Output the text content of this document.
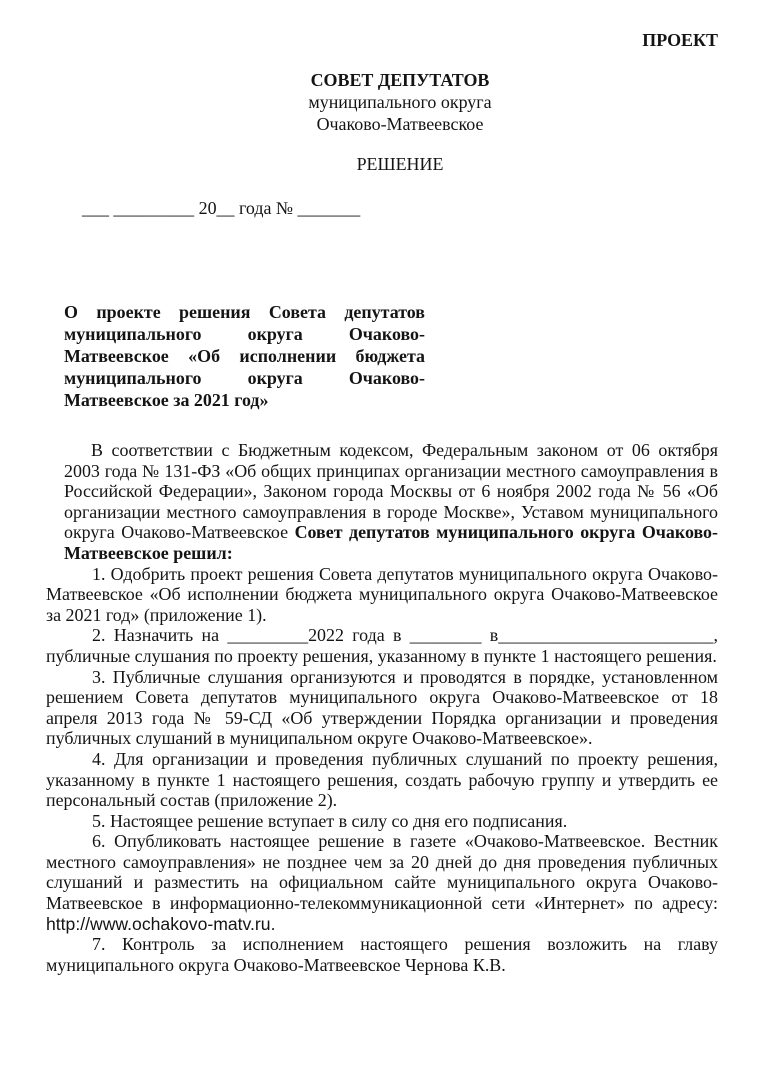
ПРОЕКТ
СОВЕТ ДЕПУТАТОВ
муниципального округа
Очаково-Матвеевское
РЕШЕНИЕ
___ _________ 20__ года № _______
О проекте решения Совета депутатов муниципального округа Очаково-Матвеевское «Об исполнении бюджета муниципального округа Очаково-Матвеевское за 2021 год»

В соответствии с Бюджетным кодексом, Федеральным законом от 06 октября 2003 года № 131-ФЗ «Об общих принципах организации местного самоуправления в Российской Федерации», Законом города Москвы от 6 ноября 2002 года № 56 «Об организации местного самоуправления в городе Москве», Уставом муниципального округа Очаково-Матвеевское Совет депутатов муниципального округа Очаково-Матвеевское решил:

1. Одобрить проект решения Совета депутатов муниципального округа Очаково-Матвеевское «Об исполнении бюджета муниципального округа Очаково-Матвеевское за 2021 год» (приложение 1).

2. Назначить на _________2022 года в ________ в________________________, публичные слушания по проекту решения, указанному в пункте 1 настоящего решения.

3. Публичные слушания организуются и проводятся в порядке, установленном решением Совета депутатов муниципального округа Очаково-Матвеевское от 18 апреля 2013 года № 59-СД «Об утверждении Порядка организации и проведения публичных слушаний в муниципальном округе Очаково-Матвеевское».

4. Для организации и проведения публичных слушаний по проекту решения, указанному в пункте 1 настоящего решения, создать рабочую группу и утвердить ее персональный состав (приложение 2).

5. Настоящее решение вступает в силу со дня его подписания.

6. Опубликовать настоящее решение в газете «Очаково-Матвеевское. Вестник местного самоуправления» не позднее чем за 20 дней до дня проведения публичных слушаний и разместить на официальном сайте муниципального округа Очаково-Матвеевское в информационно-телекоммуникационной сети «Интернет» по адресу: http://www.ochakovo-matv.ru.

7. Контроль за исполнением настоящего решения возложить на главу муниципального округа Очаково-Матвеевское Чернова К.В.
